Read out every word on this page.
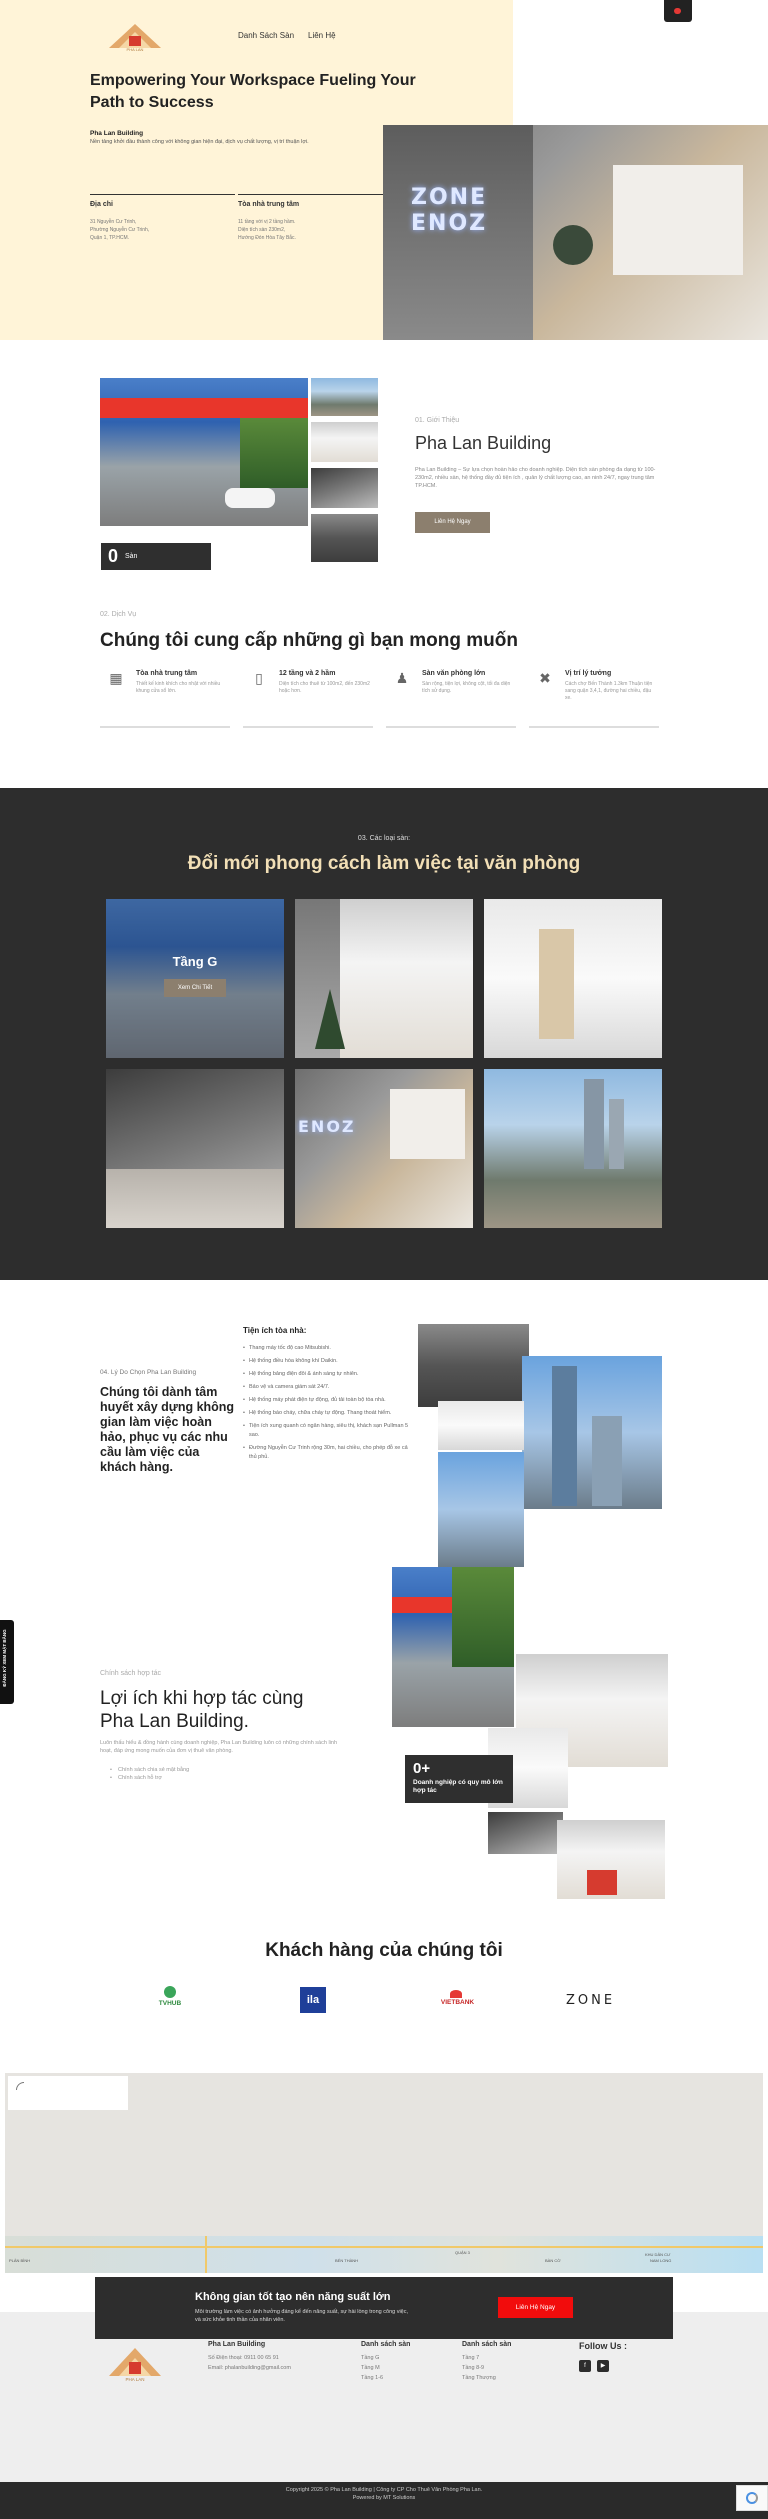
PHA LAN
Danh Sách Sàn Liên Hệ
Empowering Your Workspace Fueling Your Path to Success
Pha Lan Building
Nền tảng khởi đầu thành công với không gian hiện đại, dịch vụ chất lượng, vị trí thuận lợi.
Địa chỉ

31 Nguyễn Cư Trinh,

Phường Nguyễn Cư Trinh,

Quận 1, TP.HCM.

Tòa nhà trung tâm

11 tầng với vị 2 tầng hầm.

Diện tích sàn 230m2,

Hướng Đón Hòa Tây Bắc.

ZONE
ENOZ
0 Sàn
01. Giới Thiệu
Pha Lan Building
Pha Lan Building – Sự lựa chọn hoàn hảo cho doanh nghiệp. Diện tích sàn phòng đa dạng từ 100-230m2, nhiều sàn, hệ thống đầy đủ tiện ích , quản lý chất lượng cao, an ninh 24/7, ngay trung tâm TP.HCM.
Liên Hệ Ngay
02. Dịch Vụ
Chúng tôi cung cấp những gì bạn mong muốn
▦ Tòa nhà trung tâm

Thiết kế kinh khích cho nhật với nhiều khung cửa sổ lớn.

▯	12 tầng và 2 hầm

Diện tích cho thuê từ 100m2, đến 230m2 hoặc hơn.

♟ Sàn văn phòng lớn

Sàn rộng, tiện lợi, không cột, tối đa diện tích sử dụng.

✖	Vị trí lý tưởng

Cách chợ Bến Thành 1.3km Thuận tiện sang quận 3,4,1, đường hai chiều, đậu xe.

03. Các loại sàn:
Đổi mới phong cách làm việc tại văn phòng
Tầng G
Xem Chi Tiết
ENOZ
04. Lý Do Chọn Pha Lan Building
Chúng tôi dành tâm huyết xây dựng không gian làm việc hoàn hảo, phục vụ các nhu cầu làm việc của khách hàng.
Tiện ích tòa nhà:
• Thang máy tốc độ cao Mitsubishi.
• Hệ thống điều hòa không khí Daikin.
• Hệ thống bảng điện đôi & ánh sáng tự nhiên.
• Bảo vệ và camera giám sát 24/7.
• Hệ thống máy phát điện tự động, đủ tải toàn bộ tòa nhà.
• Hệ thống báo cháy, chữa cháy tự động. Thang thoát hiểm.
• Tiện ích xung quanh có ngân hàng, siêu thị, khách sạn Pullman 5 sao.
• Đường Nguyễn Cư Trinh rộng 30m, hai chiều, cho phép đỗ xe cả thủ phủ.
Chính sách hợp tác
Lợi ích khi hợp tác cùng Pha Lan Building.
Luôn thấu hiểu & đồng hành cùng doanh nghiệp, Pha Lan Building luôn có những chính sách linh hoạt, đáp ứng mong muốn của đơn vị thuê văn phòng.
• Chính sách chia sẻ mặt bằng
• Chính sách hỗ trợ
0+
Doanh nghiệp có quy mô lớn hợp tác
ĐĂNG KÝ XEM MẶT BẰNG
Khách hàng của chúng tôi
TVHUB	ila	VIETBANK	ZONE
PLÂN BÌNH	BẾN THÀNH
QUẬN 3
BÀN CỜ
KHU DÂN CƯ
NAM LONG
Không gian tốt tạo nên năng suất lớn
Môi trường làm việc có ảnh hưởng đáng kể đến năng suất, sự hài lòng trong công việc, và sức khỏe tinh thần của nhân viên.
Liên Hệ Ngay
PHA LAN
Pha Lan Building

Số Điện thoại: 0911 00 65 91

Email: phalanbuilding@gmail.com

Danh sách sàn

Tầng G

Tầng M

Tầng 1-6

Danh sách sàn

Tầng 7

Tầng 8-9

Tầng Thượng

Follow Us :
f	▶
Copyright 2025 © Pha Lan Building | Công ty CP Cho Thuê Văn Phòng Pha Lan.
Powered by MT Solutions
